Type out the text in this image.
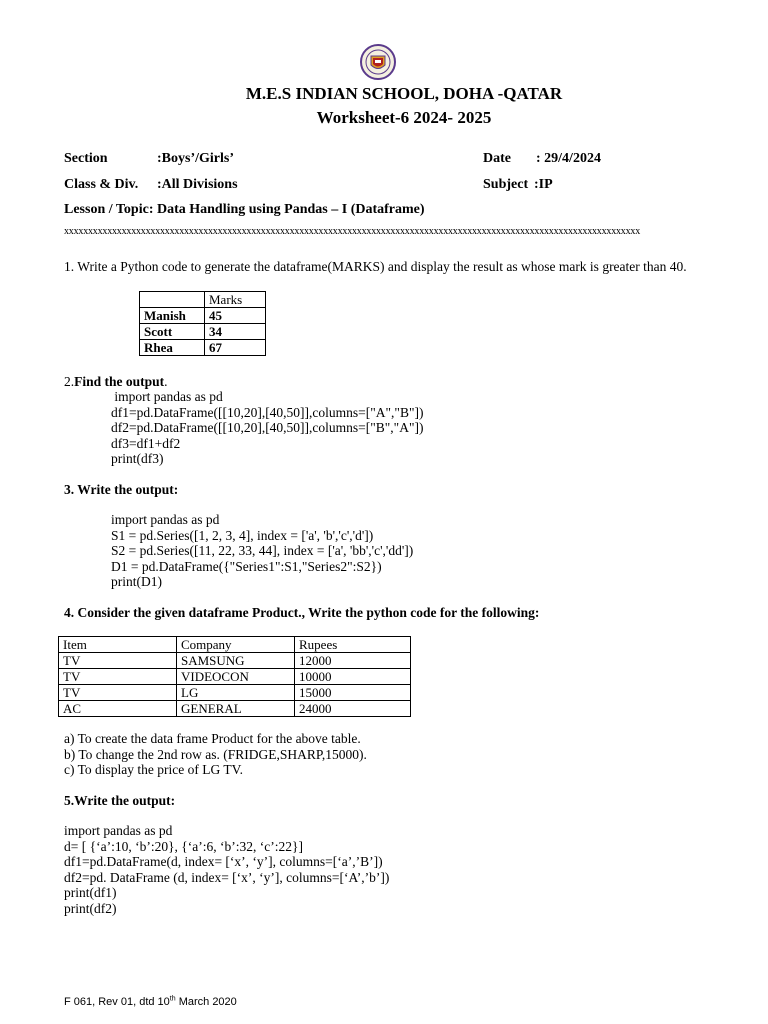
M.E.S INDIAN SCHOOL, DOHA -QATAR
Worksheet-6 2024- 2025
Section	:Boys’/Girls’	Date : 29/4/2024
Class & Div. :All Divisions	Subject :IP
Lesson / Topic: Data Handling using Pandas – I (Dataframe)
xxxxxxxxxxxxxxxxxxxxxxxxxxxxxxxxxxxxxxxxxxxxxxxxxxxxxxxxxxxxxxxxxxxxxxxxxxxxxxxxxxxxxxxxxxxxxxxxxxxxxxxxxxxxxxxxxxxxxxxx
1. Write a Python code to generate the dataframe(MARKS) and display the result as whose mark is greater than 40.
	Marks
Manish	45
Scott	34
Rhea	67
2.Find the output.
import pandas as pd
df1=pd.DataFrame([[10,20],[40,50]],columns=["A","B"])
df2=pd.DataFrame([[10,20],[40,50]],columns=["B","A"])
df3=df1+df2
print(df3)
3. Write the output:
import pandas as pd
S1 = pd.Series([1, 2, 3, 4], index = ['a', 'b','c','d'])
S2 = pd.Series([11, 22, 33, 44], index = ['a', 'bb','c','dd'])
D1 = pd.DataFrame({"Series1":S1,"Series2":S2})
print(D1)
4. Consider the given dataframe Product., Write the python code for the following:
Item	Company	Rupees
TV	SAMSUNG	12000
TV	VIDEOCON	10000
TV	LG	15000
AC	GENERAL	24000
a) To create the data frame Product for the above table.
b) To change the 2nd row as. (FRIDGE,SHARP,15000).
c) To display the price of LG TV.
5.Write the output:
import pandas as pd
d= [ {‘a’:10, ‘b’:20}, {‘a’:6, ‘b’:32, ‘c’:22}]
df1=pd.DataFrame(d, index= [‘x’, ‘y’], columns=[‘a’,’B’])
df2=pd. DataFrame (d, index= [‘x’, ‘y’], columns=[‘A’,’b’])
print(df1)
print(df2)
F 061, Rev 01, dtd 10th March 2020
